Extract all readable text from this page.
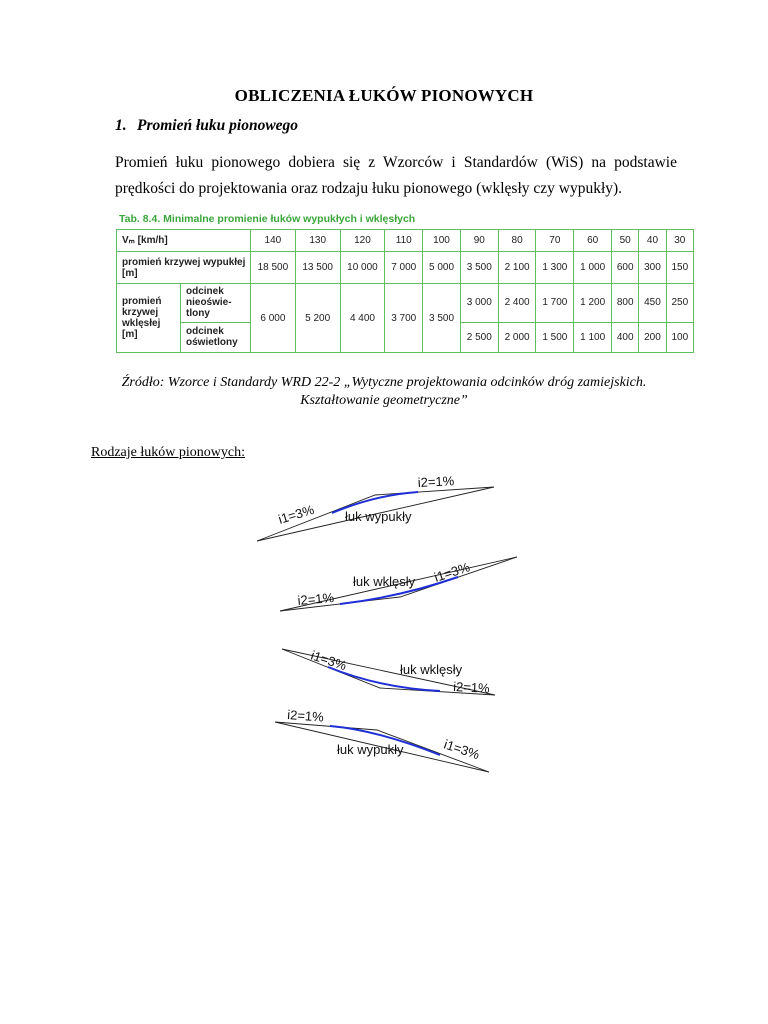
OBLICZENIA ŁUKÓW PIONOWYCH
1. Promień łuku pionowego
Promień łuku pionowego dobiera się z Wzorców i Standardów (WiS) na podstawie prędkości do projektowania oraz rodzaju łuku pionowego (wklęsły czy wypukły).
Tab. 8.4. Minimalne promienie łuków wypukłych i wklęsłych
Vₘ [km/h]		140	130	120	110	100	90	80	70	60	50	40	30
promień krzywej wypukłej [m]		18 500	13 500	10 000	7 000	5 000	3 500	2 100	1 300	1 000	600	300	150
promień krzywej wklęsłej [m]	odcinek nieoświe-tlony	6 000	5 200	4 400	3 700	3 500	3 000	2 400	1 700	1 200	800	450	250
	odcinek oświetlony						2 500	2 000	1 500	1 100	400	200	100
Źródło: Wzorce i Standardy WRD 22-2 „Wytyczne projektowania odcinków dróg zamiejskich.
Kształtowanie geometryczne”
Rodzaje łuków pionowych:
i1=3%
i2=1%
łuk wypukły
i2=1%
i1=3%
łuk wklęsły
i1=3%
i2=1%
łuk wklęsły
i2=1%
i1=3%
łuk wypukły
